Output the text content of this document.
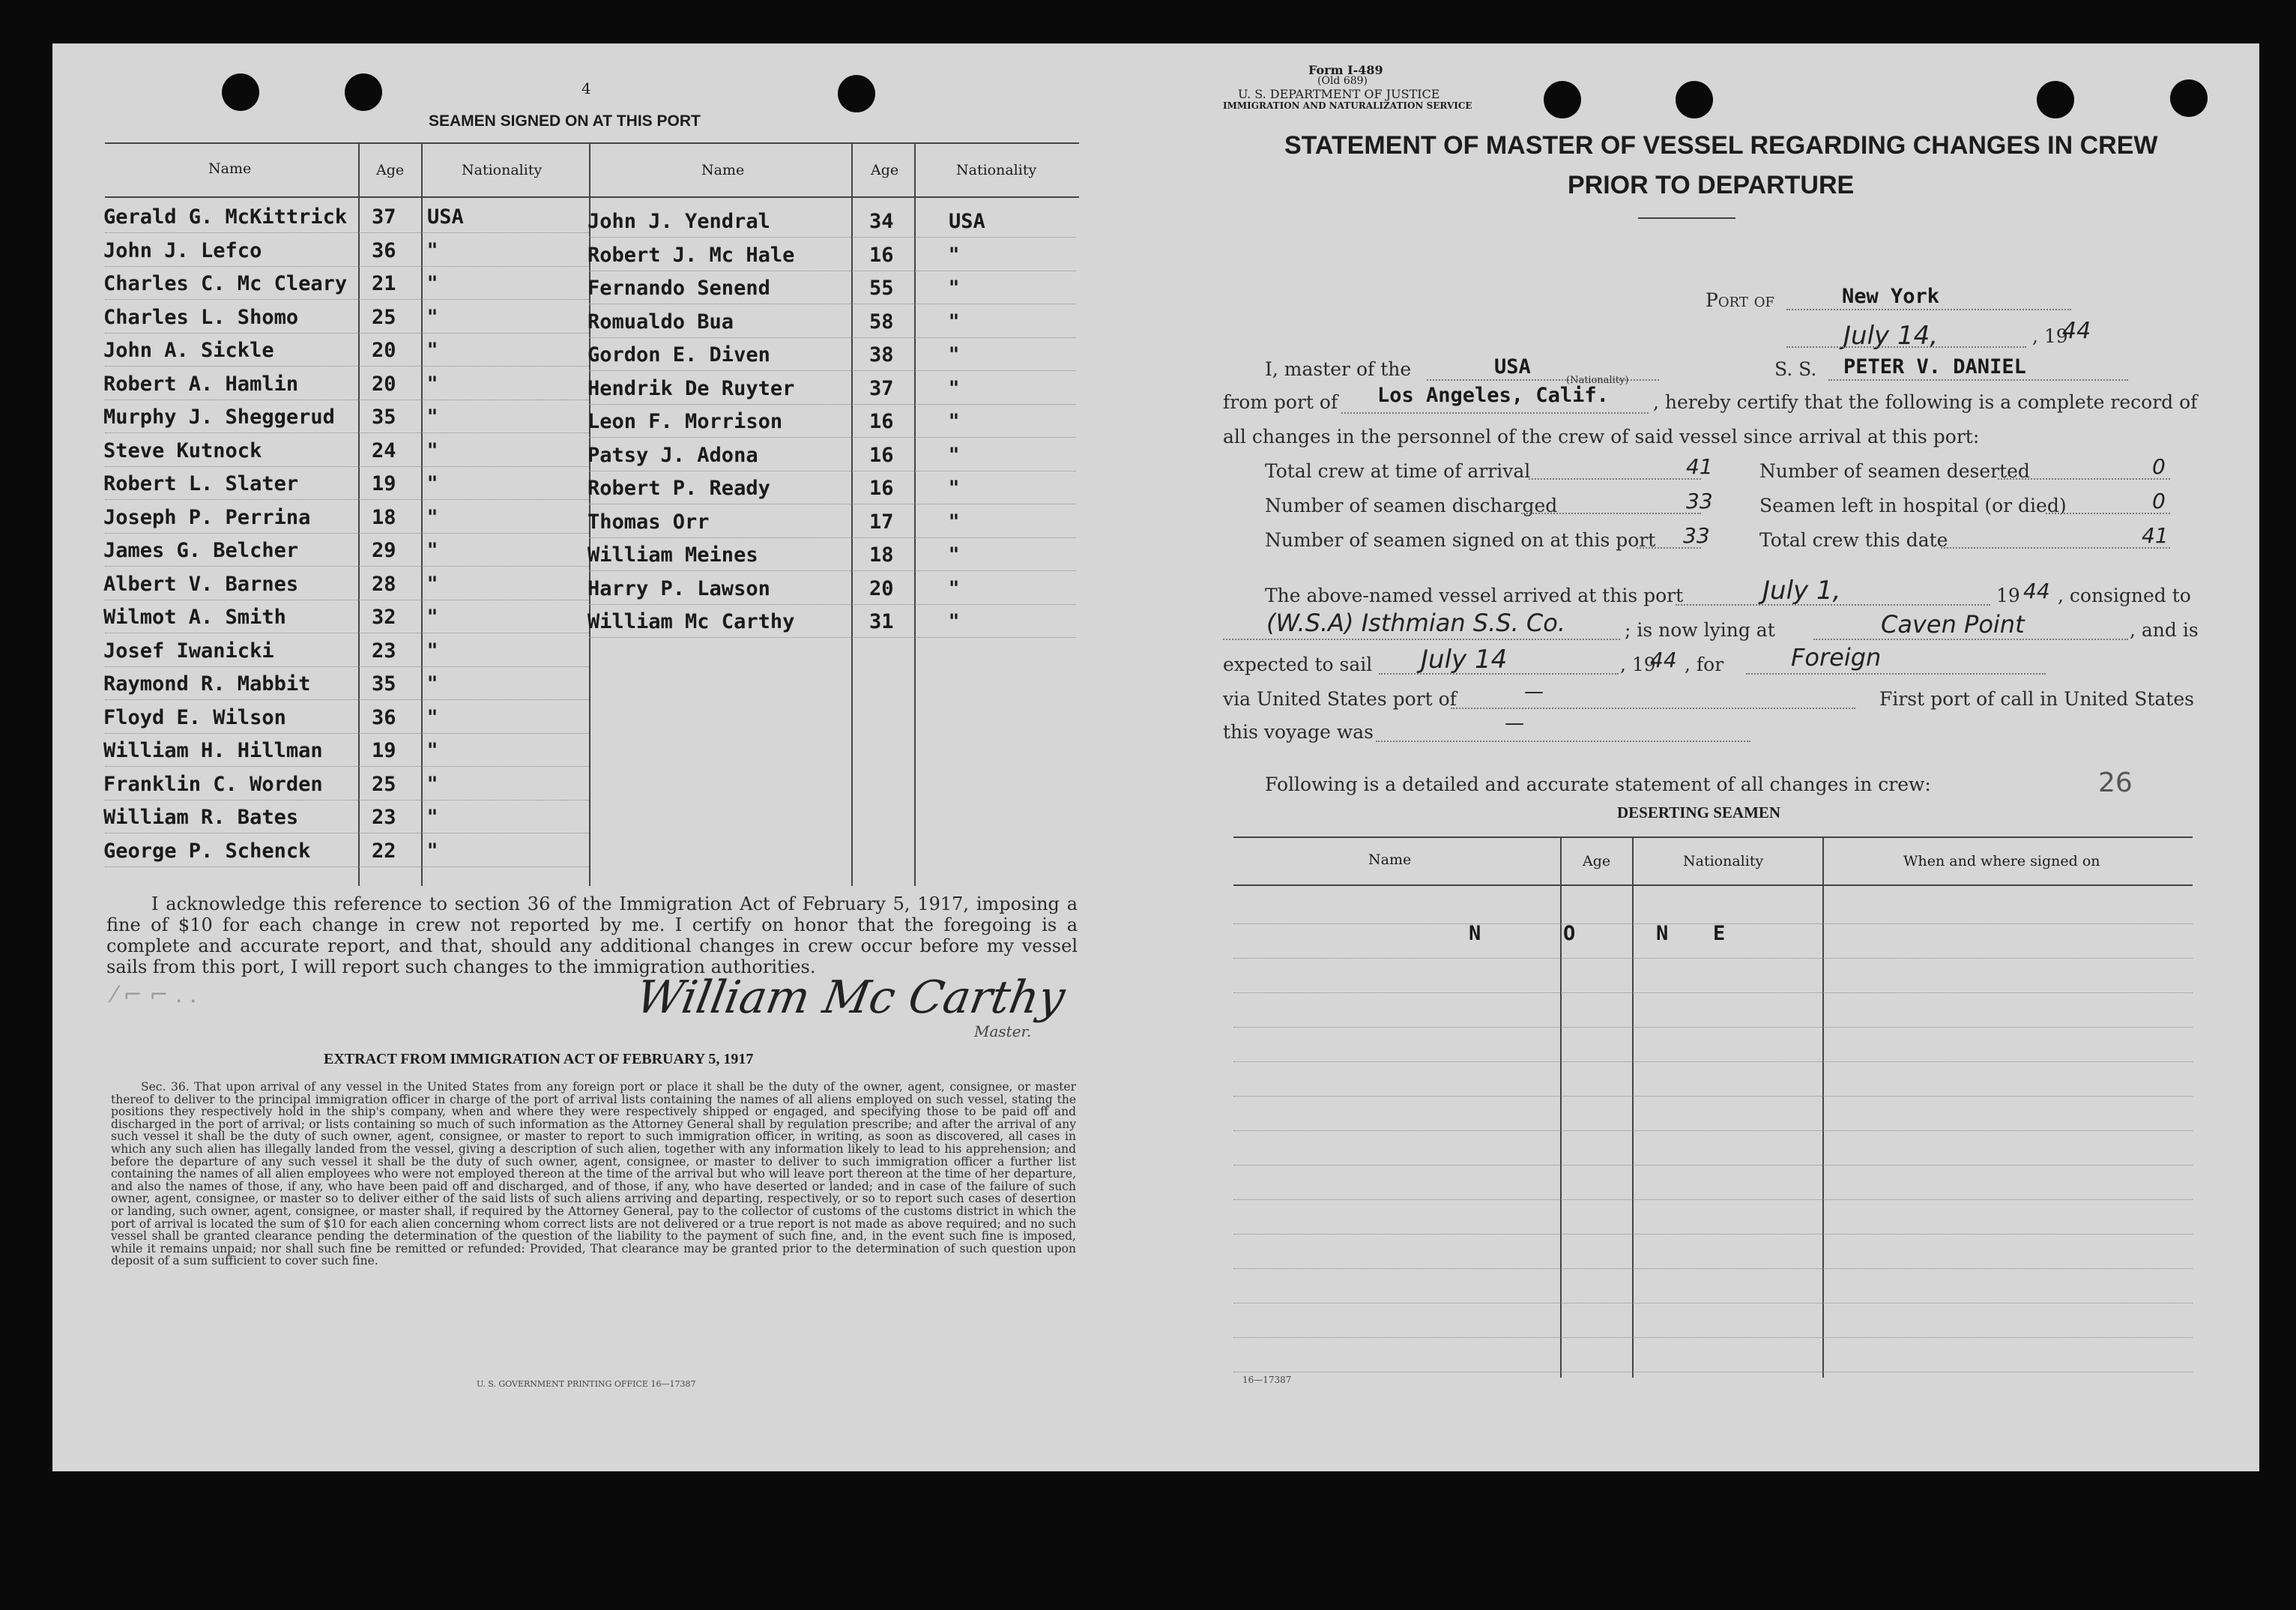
4
SEAMEN SIGNED ON AT THIS PORT
Name	Age	Nationality	Name	Age	Nationality
Gerald G. McKittrick 37 USA
John J. Lefco	36 "
Charles C. Mc Cleary 21 "
Charles L. Shomo	25 "
John A. Sickle	20 "
Robert A. Hamlin	20 "
Murphy J. Sheggerud 35 "
Steve Kutnock	24 "
Robert L. Slater	19 "
Joseph P. Perrina	18 "
James G. Belcher	29 "
Albert V. Barnes	28 "
Wilmot A. Smith	32 "
Josef Iwanicki	23 "
Raymond R. Mabbit	35 "
Floyd E. Wilson	36 "
William H. Hillman 19 "
Franklin C. Worden 25 "
William R. Bates	23 "
George P. Schenck	22 "
John J. Yendral	34	USA
Robert J. Mc Hale	16	"
Fernando Senend	55	"
Romualdo Bua	58	"
Gordon E. Diven	38	"
Hendrik De Ruyter	37	"
Leon F. Morrison	16	"
Patsy J. Adona	16	"
Robert P. Ready	16	"
Thomas Orr	17	"
William Meines	18	"
Harry P. Lawson	20	"
William Mc Carthy	31	"
I acknowledge this reference to section 36 of the Immigration Act of February 5, 1917, imposing a fine of $10 for each change in crew not reported by me. I certify on honor that the foregoing is a complete and accurate report, and that, should any additional changes in crew occur before my vessel sails from this port, I will report such changes to the immigration authorities.
⁄ ⌐ ⌐ . .	William Mc Carthy
Master.
EXTRACT FROM IMMIGRATION ACT OF FEBRUARY 5, 1917
Sec. 36. That upon arrival of any vessel in the United States from any foreign port or place it shall be the duty of the owner, agent, consignee, or master thereof to deliver to the principal immigration officer in charge of the port of arrival lists containing the names of all aliens employed on such vessel, stating the positions they respectively hold in the ship's company, when and where they were respectively shipped or engaged, and specifying those to be paid off and discharged in the port of arrival; or lists containing so much of such information as the Attorney General shall by regulation prescribe; and after the arrival of any such vessel it shall be the duty of such owner, agent, consignee, or master to report to such immigration officer, in writing, as soon as discovered, all cases in which any such alien has illegally landed from the vessel, giving a description of such alien, together with any information likely to lead to his apprehension; and before the departure of any such vessel it shall be the duty of such owner, agent, consignee, or master to deliver to such immigration officer a further list containing the names of all alien employees who were not employed thereon at the time of the arrival but who will leave port thereon at the time of her departure, and also the names of those, if any, who have been paid off and discharged, and of those, if any, who have deserted or landed; and in case of the failure of such owner, agent, consignee, or master so to deliver either of the said lists of such aliens arriving and departing, respectively, or so to report such cases of desertion or landing, such owner, agent, consignee, or master shall, if required by the Attorney General, pay to the collector of customs of the customs district in which the port of arrival is located the sum of $10 for each alien concerning whom correct lists are not delivered or a true report is not made as above required; and no such vessel shall be granted clearance pending the determination of the question of the liability to the payment of such fine, and, in the event such fine is imposed, while it remains unpaid; nor shall such fine be remitted or refunded: Provided, That clearance may be granted prior to the determination of such question upon deposit of a sum sufficient to cover such fine.
U. S. GOVERNMENT PRINTING OFFICE 16—17387
Form I-489
(Old 689)
U. S. DEPARTMENT OF JUSTICE
IMMIGRATION AND NATURALIZATION SERVICE
STATEMENT OF MASTER OF VESSEL REGARDING CHANGES IN CREW
PRIOR TO DEPARTURE
Port of	New York
July 14,	, 19
44
I, master of the	USA
(Nationality)
S. S. PETER V. DANIEL
from port of Los Angeles, Calif. , hereby certify that the following is a complete record of
all changes in the personnel of the crew of said vessel since arrival at this port:
Total crew at time of arrival	41
Number of seamen discharged	33
Number of seamen signed on at this port 33
Number of seamen deserted	0
Seamen left in hospital (or died)	0
Total crew this date	41
The above-named vessel arrived at this port	July 1,	19 44 , consigned to
(W.S.A) Isthmian S.S. Co.	; is now lying at	Caven Point	, and is
expected to sail July 14	, 19
44 , for	Foreign
via United States port of	—	First port of call in United States
this voyage was	—
Following is a detailed and accurate statement of all changes in crew:	26
DESERTING SEAMEN
Name	Age	Nationality	When and where signed on
N	O	N E
16—17387
